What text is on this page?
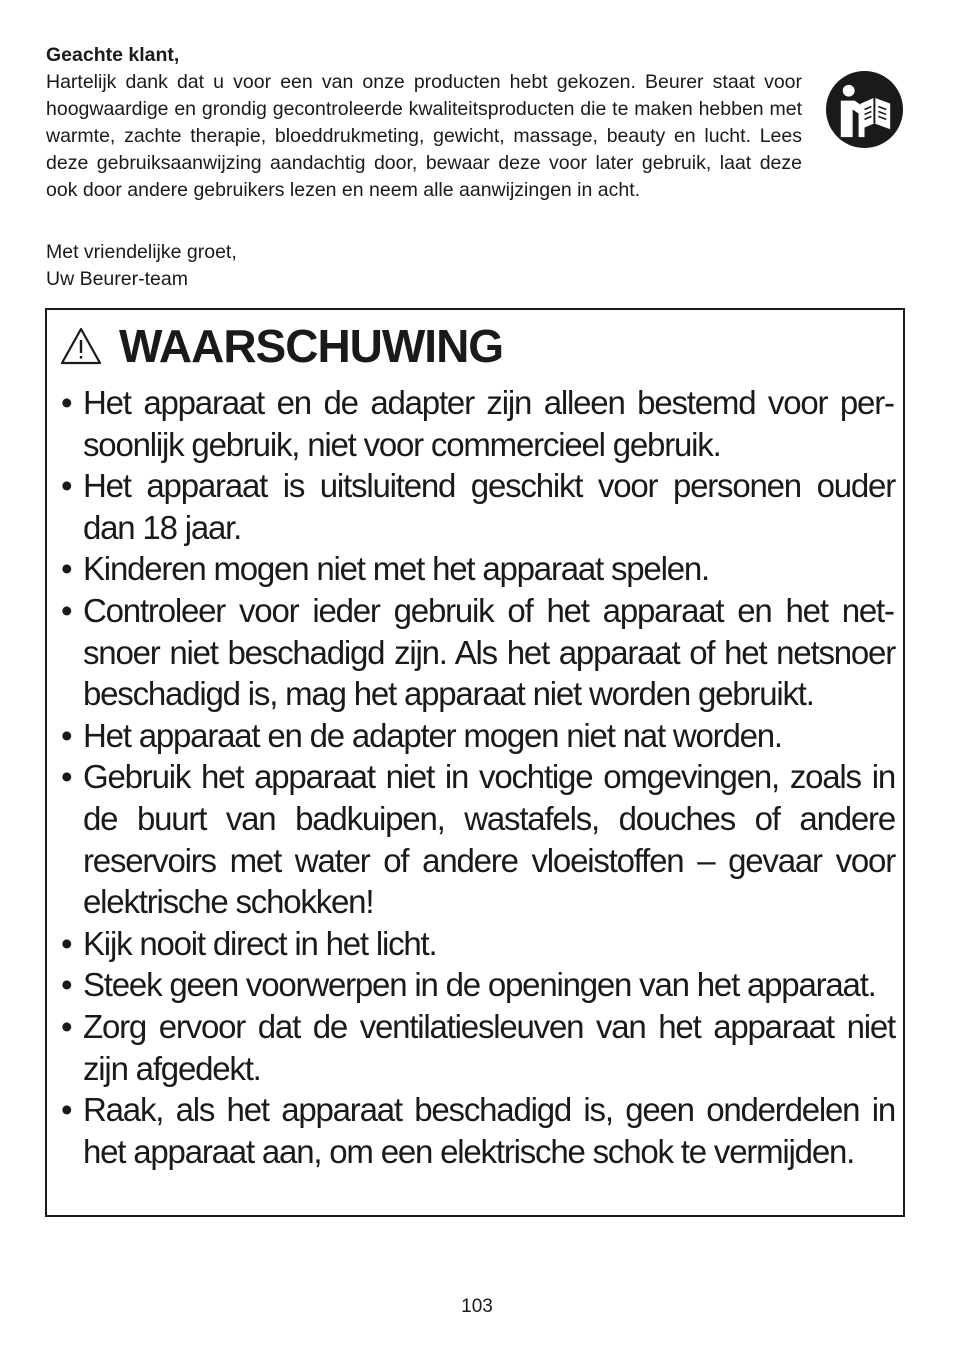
Geachte klant,

Hartelijk dank dat u voor een van onze producten hebt gekozen. Beurer staat voor hoogwaardige en grondig gecontroleerde kwaliteitsproducten die te maken hebben met warmte, zachte therapie, bloeddrukmeting, gewicht, massage, beauty en lucht. Lees deze gebruiksaanwijzing aandachtig door, bewaar deze voor later gebruik, laat deze ook door andere gebruikers lezen en neem alle aanwijzingen in acht.

Met vriendelijke groet,
Uw Beurer-team
WAARSCHUWING
• Het apparaat en de adapter zijn alleen bestemd voor persoonlijk gebruik, niet voor commercieel gebruik.
• Het apparaat is uitsluitend geschikt voor personen ouder dan 18 jaar.
• Kinderen mogen niet met het apparaat spelen.
• Controleer voor ieder gebruik of het apparaat en het netsnoer niet beschadigd zijn. Als het apparaat of het netsnoer beschadigd is, mag het apparaat niet worden gebruikt.
• Het apparaat en de adapter mogen niet nat worden.
• Gebruik het apparaat niet in vochtige omgevingen, zoals in de buurt van badkuipen, wastafels, douches of andere reservoirs met water of andere vloeistoffen – gevaar voor elektrische schokken!
• Kijk nooit direct in het licht.
• Steek geen voorwerpen in de openingen van het apparaat.
• Zorg ervoor dat de ventilatiesleuven van het apparaat niet zijn afgedekt.
• Raak, als het apparaat beschadigd is, geen onderdelen in het apparaat aan, om een elektrische schok te vermijden.
103
